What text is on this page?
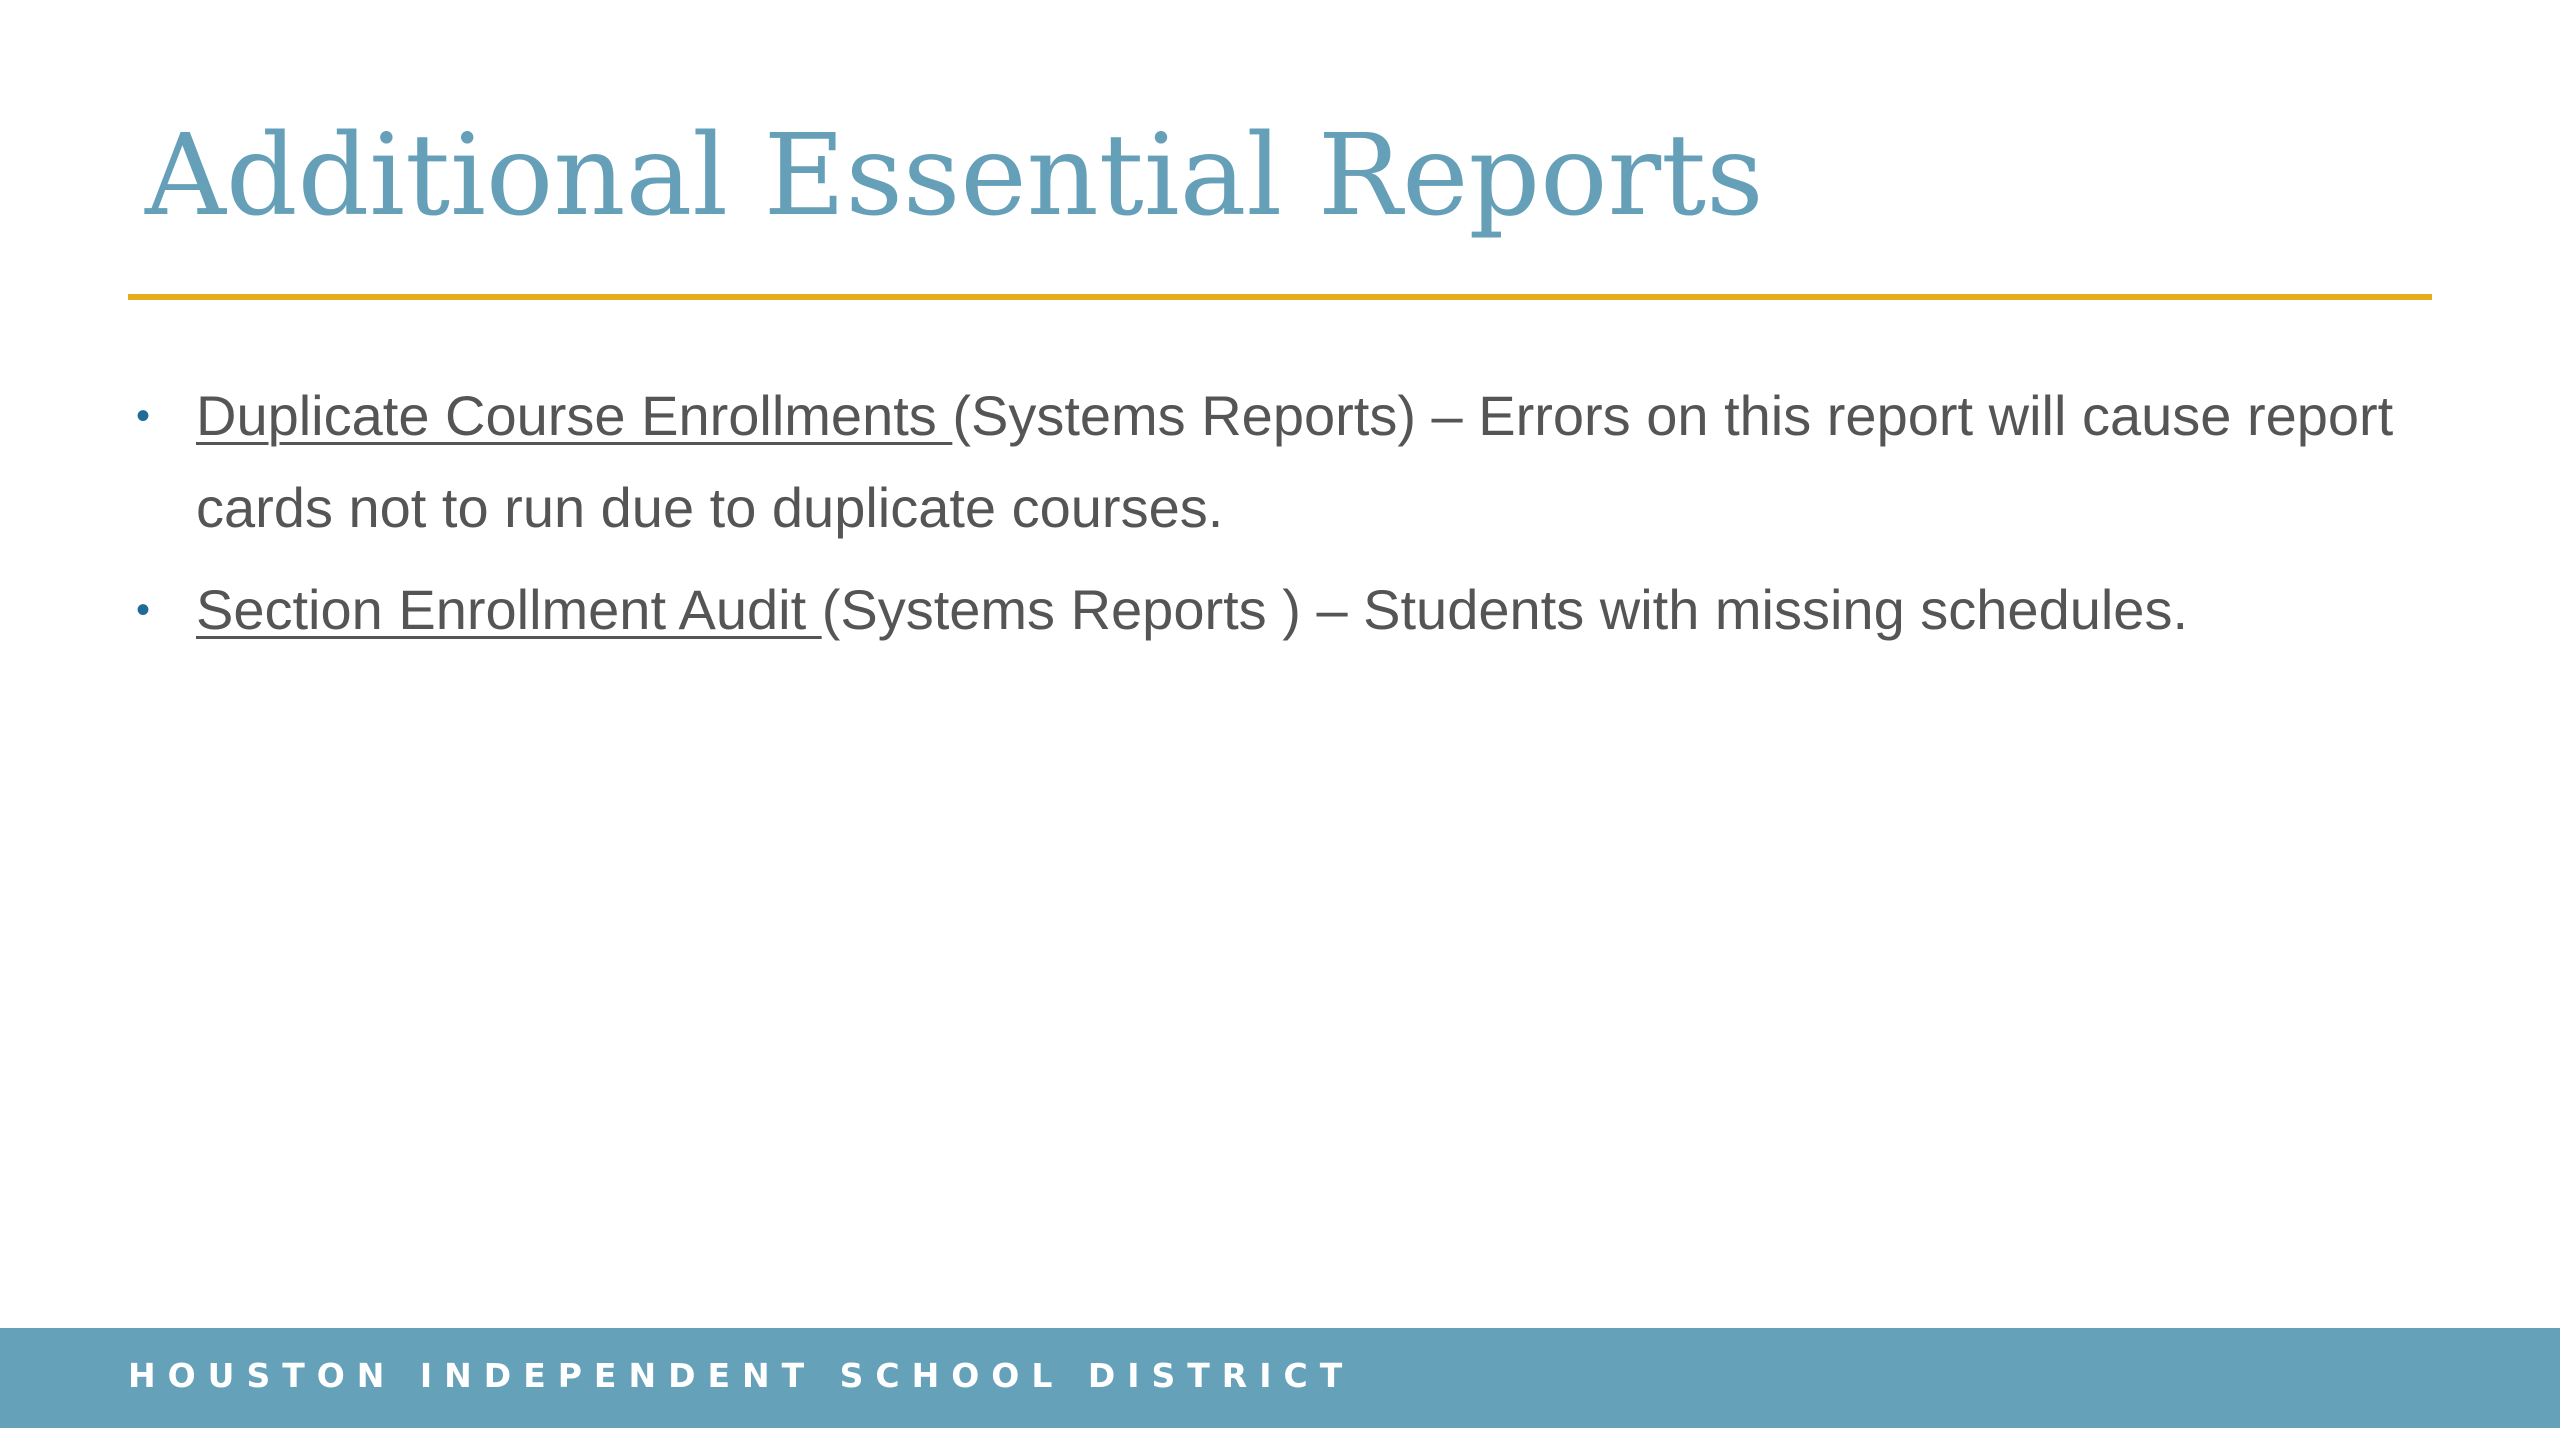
Additional Essential Reports
• Duplicate Course Enrollments (Systems Reports) – Errors on this report will cause report cards not to run due to duplicate courses.
• Section Enrollment Audit (Systems Reports ) – Students with missing schedules.
HOUSTON INDEPENDENT SCHOOL DISTRICT
